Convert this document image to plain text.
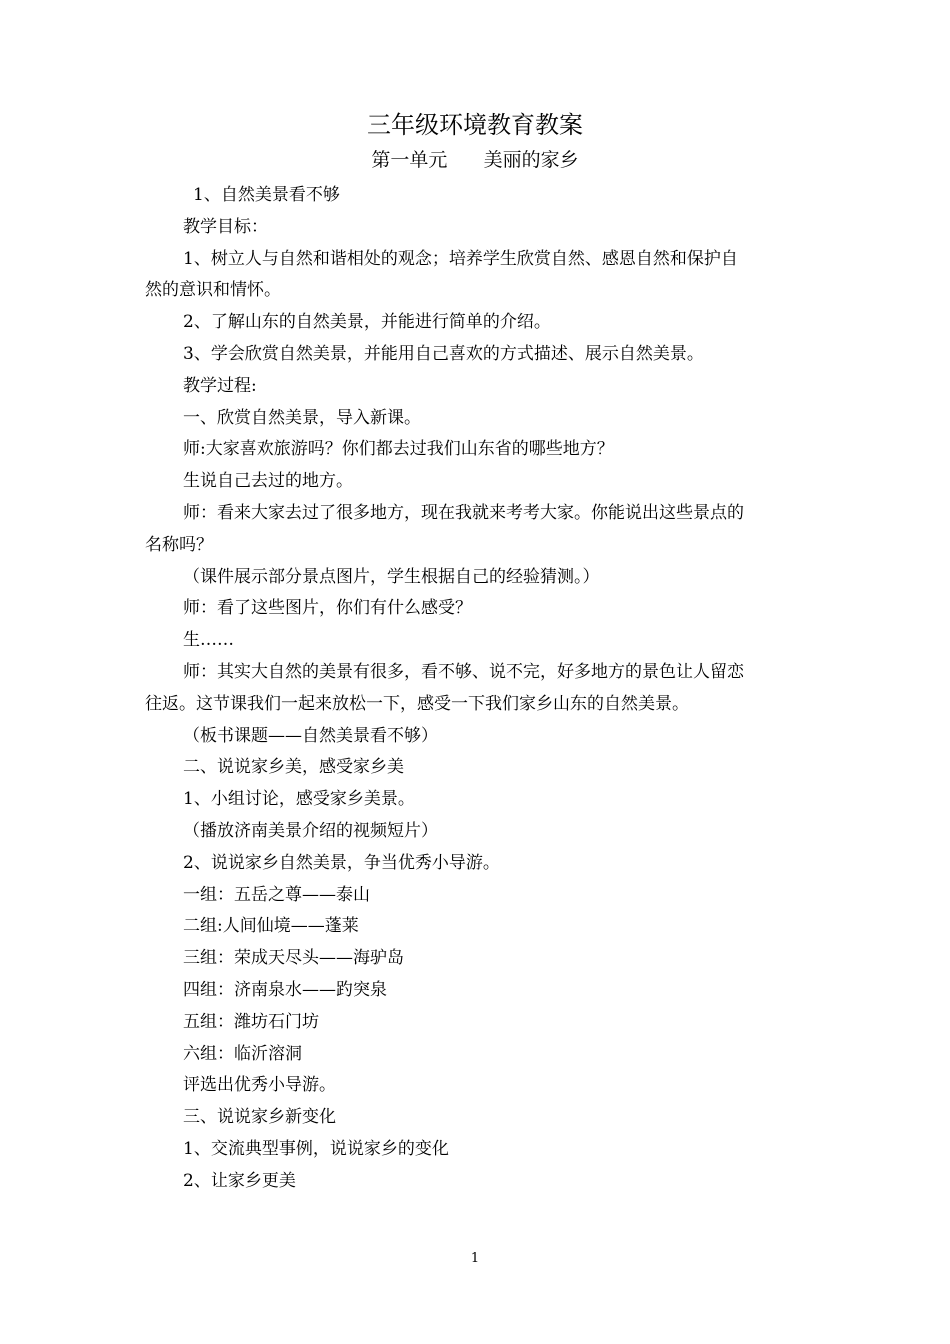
三年级环境教育教案
第一单元      美丽的家乡
1、自然美景看不够
教学目标：
1、树立人与自然和谐相处的观念；培养学生欣赏自然、感恩自然和保护自
然的意识和情怀。
2、了解山东的自然美景，并能进行简单的介绍。
3、学会欣赏自然美景，并能用自己喜欢的方式描述、展示自然美景。
教学过程:
一、欣赏自然美景，导入新课。
师:大家喜欢旅游吗？你们都去过我们山东省的哪些地方？
生说自己去过的地方。
师：看来大家去过了很多地方，现在我就来考考大家。你能说出这些景点的
名称吗？
（课件展示部分景点图片，学生根据自己的经验猜测。）
师：看了这些图片，你们有什么感受？
生……
师：其实大自然的美景有很多，看不够、说不完，好多地方的景色让人留恋
往返。这节课我们一起来放松一下，感受一下我们家乡山东的自然美景。
（板书课题——自然美景看不够）
二、说说家乡美，感受家乡美
1、小组讨论，感受家乡美景。
（播放济南美景介绍的视频短片）
2、说说家乡自然美景，争当优秀小导游。
一组：五岳之尊——泰山
二组:人间仙境——蓬莱
三组：荣成天尽头——海驴岛
四组：济南泉水——趵突泉
五组：潍坊石门坊
六组：临沂溶洞
评选出优秀小导游。
三、说说家乡新变化
1、交流典型事例，说说家乡的变化
2、让家乡更美
1
